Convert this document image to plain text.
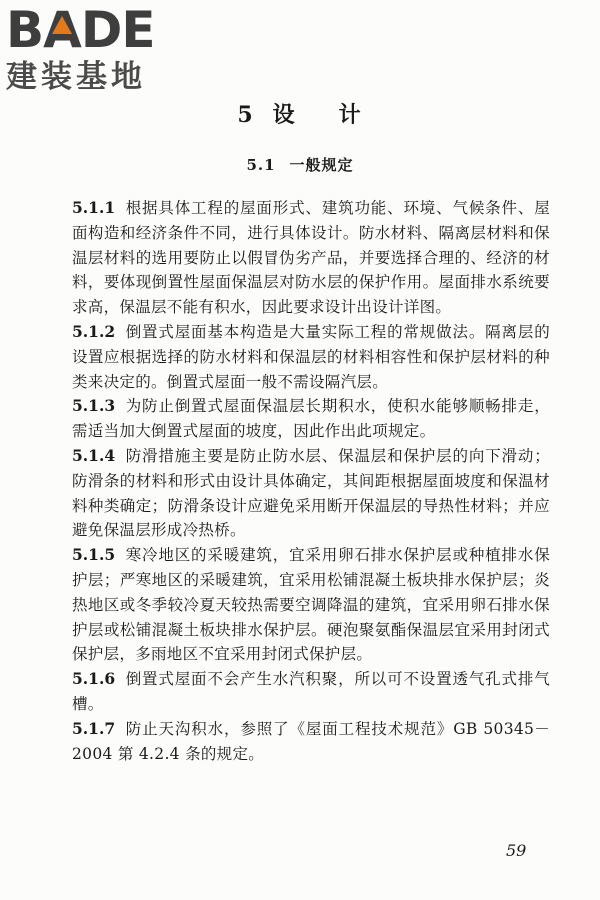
BA
DE
建装基地
5 设 计
5.1 一般规定

5.1.1 根据具体工程的屋面形式、建筑功能、环境、气候条件、屋面构造和经济条件不同，进行具体设计。防水材料、隔离层材料和保温层材料的选用要防止以假冒伪劣产品，并要选择合理的、经济的材料，要体现倒置性屋面保温层对防水层的保护作用。屋面排水系统要求高，保温层不能有积水，因此要求设计出设计详图。

5.1.2 倒置式屋面基本构造是大量实际工程的常规做法。隔离层的设置应根据选择的防水材料和保温层的材料相容性和保护层材料的种类来决定的。倒置式屋面一般不需设隔汽层。

5.1.3 为防止倒置式屋面保温层长期积水，使积水能够顺畅排走，需适当加大倒置式屋面的坡度，因此作出此项规定。

5.1.4 防滑措施主要是防止防水层、保温层和保护层的向下滑动；防滑条的材料和形式由设计具体确定，其间距根据屋面坡度和保温材料种类确定；防滑条设计应避免采用断开保温层的导热性材料；并应避免保温层形成冷热桥。

5.1.5 寒冷地区的采暖建筑，宜采用卵石排水保护层或种植排水保护层；严寒地区的采暖建筑，宜采用松铺混凝土板块排水保护层；炎热地区或冬季较冷夏天较热需要空调降温的建筑，宜采用卵石排水保护层或松铺混凝土板块排水保护层。硬泡聚氨酯保温层宜采用封闭式保护层，多雨地区不宜采用封闭式保护层。

5.1.6 倒置式屋面不会产生水汽积聚，所以可不设置透气孔式排气槽。

5.1.7 防止天沟积水，参照了《屋面工程技术规范》GB 50345－2004 第 4.2.4 条的规定。

59
